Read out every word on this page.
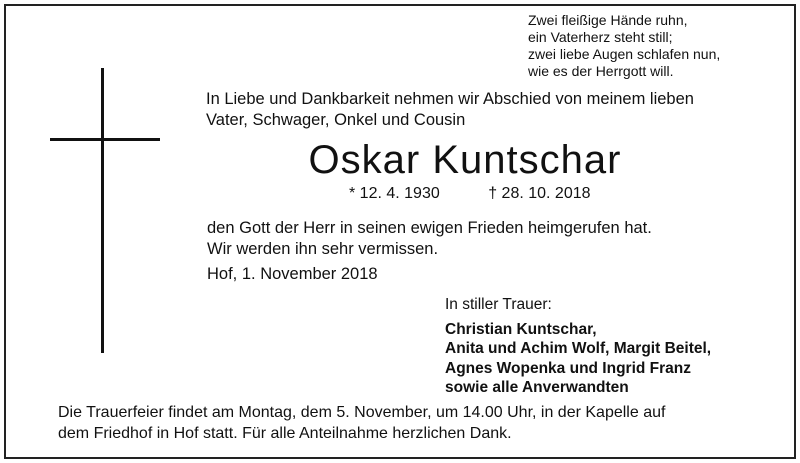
Zwei fleißige Hände ruhn,
ein Vaterherz steht still;
zwei liebe Augen schlafen nun,
wie es der Herrgott will.
In Liebe und Dankbarkeit nehmen wir Abschied von meinem lieben
Vater, Schwager, Onkel und Cousin
Oskar Kuntschar
* 12. 4. 1930	† 28. 10. 2018
den Gott der Herr in seinen ewigen Frieden heimgerufen hat.
Wir werden ihn sehr vermissen.
Hof, 1. November 2018
In stiller Trauer:
Christian Kuntschar,
Anita und Achim Wolf, Margit Beitel,
Agnes Wopenka und Ingrid Franz
sowie alle Anverwandten
Die Trauerfeier findet am Montag, dem 5. November, um 14.00 Uhr, in der Kapelle auf
dem Friedhof in Hof statt. Für alle Anteilnahme herzlichen Dank.
